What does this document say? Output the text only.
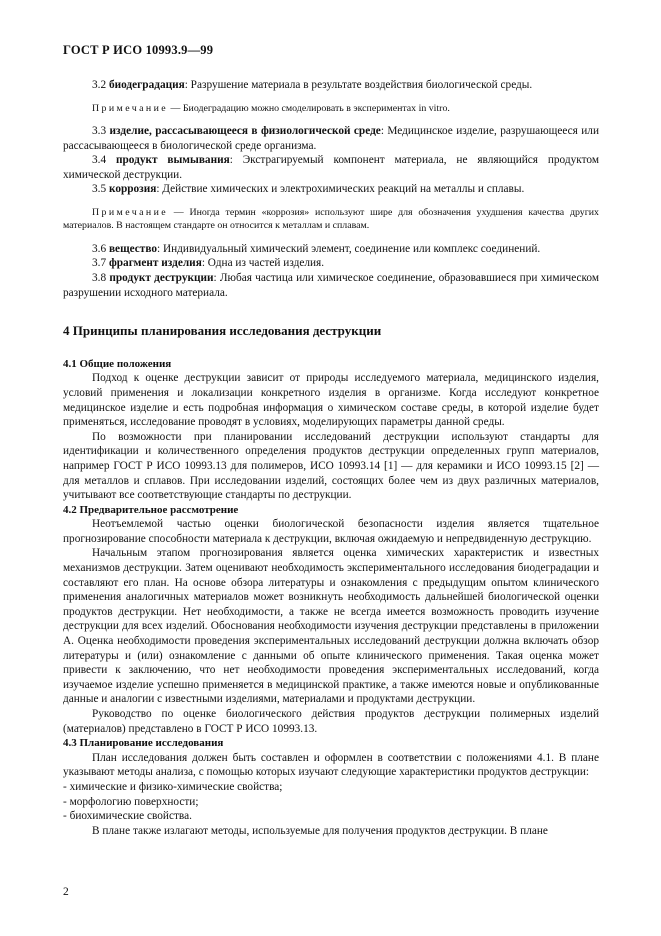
ГОСТ Р ИСО 10993.9—99

3.2 биодеградация: Разрушение материала в результате воздействия биологической среды.

Примечание — Биодеградацию можно смоделировать в экспериментах in vitro.

3.3 изделие, рассасывающееся в физиологической среде: Медицинское изделие, разрушающееся или рассасывающееся в биологической среде организма.

3.4 продукт вымывания: Экстрагируемый компонент материала, не являющийся продуктом химической деструкции.

3.5 коррозия: Действие химических и электрохимических реакций на металлы и сплавы.

Примечание — Иногда термин «коррозия» используют шире для обозначения ухудшения качества других материалов. В настоящем стандарте он относится к металлам и сплавам.

3.6 вещество: Индивидуальный химический элемент, соединение или комплекс соединений.

3.7 фрагмент изделия: Одна из частей изделия.

3.8 продукт деструкции: Любая частица или химическое соединение, образовавшиеся при химическом разрушении исходного материала.

4 Принципы планирования исследования деструкции

4.1 Общие положения

Подход к оценке деструкции зависит от природы исследуемого материала, медицинского изделия, условий применения и локализации конкретного изделия в организме. Когда исследуют конкретное медицинское изделие и есть подробная информация о химическом составе среды, в которой изделие будет применяться, исследование проводят в условиях, моделирующих параметры данной среды.

По возможности при планировании исследований деструкции используют стандарты для идентификации и количественного определения продуктов деструкции определенных групп материалов, например ГОСТ Р ИСО 10993.13 для полимеров, ИСО 10993.14 [1] — для керамики и ИСО 10993.15 [2] — для металлов и сплавов. При исследовании изделий, состоящих более чем из двух различных материалов, учитывают все соответствующие стандарты по деструкции.

4.2 Предварительное рассмотрение

Неотъемлемой частью оценки биологической безопасности изделия является тщательное прогнозирование способности материала к деструкции, включая ожидаемую и непредвиденную деструкцию.

Начальным этапом прогнозирования является оценка химических характеристик и известных механизмов деструкции. Затем оценивают необходимость экспериментального исследования биодеградации и составляют его план. На основе обзора литературы и ознакомления с предыдущим опытом клинического применения аналогичных материалов может возникнуть необходимость дальнейшей биологической оценки продуктов деструкции. Нет необходимости, а также не всегда имеется возможность проводить изучение деструкции для всех изделий. Обоснования необходимости изучения деструкции представлены в приложении А. Оценка необходимости проведения экспериментальных исследований деструкции должна включать обзор литературы и (или) ознакомление с данными об опыте клинического применения. Такая оценка может привести к заключению, что нет необходимости проведения экспериментальных исследований, когда изучаемое изделие успешно применяется в медицинской практике, а также имеются новые и опубликованные данные и аналогии с известными изделиями, материалами и продуктами деструкции.

Руководство по оценке биологического действия продуктов деструкции полимерных изделий (материалов) представлено в ГОСТ Р ИСО 10993.13.

4.3 Планирование исследования

План исследования должен быть составлен и оформлен в соответствии с положениями 4.1. В плане указывают методы анализа, с помощью которых изучают следующие характеристики продуктов деструкции:

- химические и физико-химические свойства;

- морфологию поверхности;

- биохимические свойства.

В плане также излагают методы, используемые для получения продуктов деструкции. В плане

2
